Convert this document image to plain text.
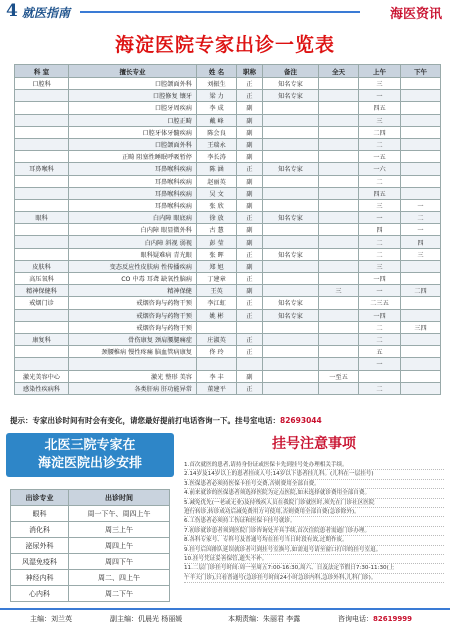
4 就医指南	海医资讯
海淀医院专家出诊一览表
科 室	擅长专业	姓 名	职称	备注	全天	上午	下午
口腔科	口腔颌面外科	刘振生	正	知名专家		三	
	口腔修复 镶牙	梁 力	正	知名专家		一	
	口腔牙周疾病	李 成	副			四五	
	口腔正畸	戴 峰	副			三	
	口腔牙体牙髓疾病	陈会良	副			二四	
	口腔颌面外科	王瑞永	副			二	
	正畸 阻塞性睡眠呼吸暂停	李长涛	副			一五	
耳鼻喉科	耳鼻喉科疾病	陈 涵	正	知名专家		一六	
	耳鼻喉科疾病	赵丽英	副			二	
	耳鼻喉科疾病	吴 文	副			四五	
	耳鼻喉科疾病	张 欣	副			三	一
眼科	白内障 眼底病	徐 放	正	知名专家		一	二
	白内障 眼显微外科	古 慧	副			四	一
	白内障 斜视 弱视	彭 莹	副			二	四
	眼科疑难病 青光眼	张 晖	正	知名专家		二	三
皮肤科	变态反应性皮肤病 性传播疾病	郑 旭	副			三	
高压氧科	CO 中毒 耳聋 缺氧性脑病	丁建章	正			一四	
精神保健科	精神保健	王英	副		三	一	二四
戒烟门诊	戒烟咨询与药物干预	李江虹	正	知名专家		二三五	
	戒烟咨询与药物干预	姚 彬	正	知名专家		一四	
	戒烟咨询与药物干预					二	三四
康复科	骨伤康复 颈肩腰腿痛症	庄淑英	正			二	
	颈腰椎病 慢性疼痛 脑血管病康复	佟 玲	正			五	
						一	
激光美容中心	激光 整形 美容	李 丰	副		一至五		
感染性疾病科	各类肝病 肝功能异常	董建平	正			二	
提示：专家出诊时间有时会有变化，请您最好提前打电话咨询一下。挂号室电话：82693044
北医三院专家在
海淀医院出诊安排
出诊专业	出诊时间
眼科	周一下午、周四上午
消化科	周三上午
泌尿外科	周四上午
风湿免疫科	周四下午
神经内科	周二、四上午
心内科	周二下午
挂号注意事项
1.首次就医的患者,请持身份证或医保卡先到挂号处办理相关手续。
2.14岁及14岁以上的患者挂成人号;14岁以下患者挂儿科。(儿科在一层挂号)
3.医保患者必须持医保卡挂号交费,否则费用全部自费。
4.前来就诊的医保患者须选择医院为定点医院,如未选择就诊费用全部自费。
5.减免优先(一老或无业)及持残疾人员在我院门诊就医时,须先在门诊社区医院
进行转诊,转诊成功后减免费用方可使用,否则费用全部自费(急诊除外)。
6.工伤患者必须持工伤证和医保卡挂号就诊。
7.初诊就诊患者须到医院门诊咨询处开具手续,首次住院患者需通门诊办理。
8.各科专家号、专科号及普通号均在挂号当日时段有效,过期作废。
9.挂号后因排队延误就诊者可到挂号室换号,如需退号请至窗口打印的挂号室退。
10.挂号凭证妥善保管,遗失不补。
11.二层门诊挂号时间:周一至周五7:00-16:30,周六、日及法定节假日7:30-11:30(上
午半天门诊),只看普通号(急诊挂号时间24小时急诊内科,急诊外科,儿科门诊)。
主编：刘兰英	副主编：仉晨光 杨丽媛	本期责编：朱丽君 李露	咨询电话：82619999
